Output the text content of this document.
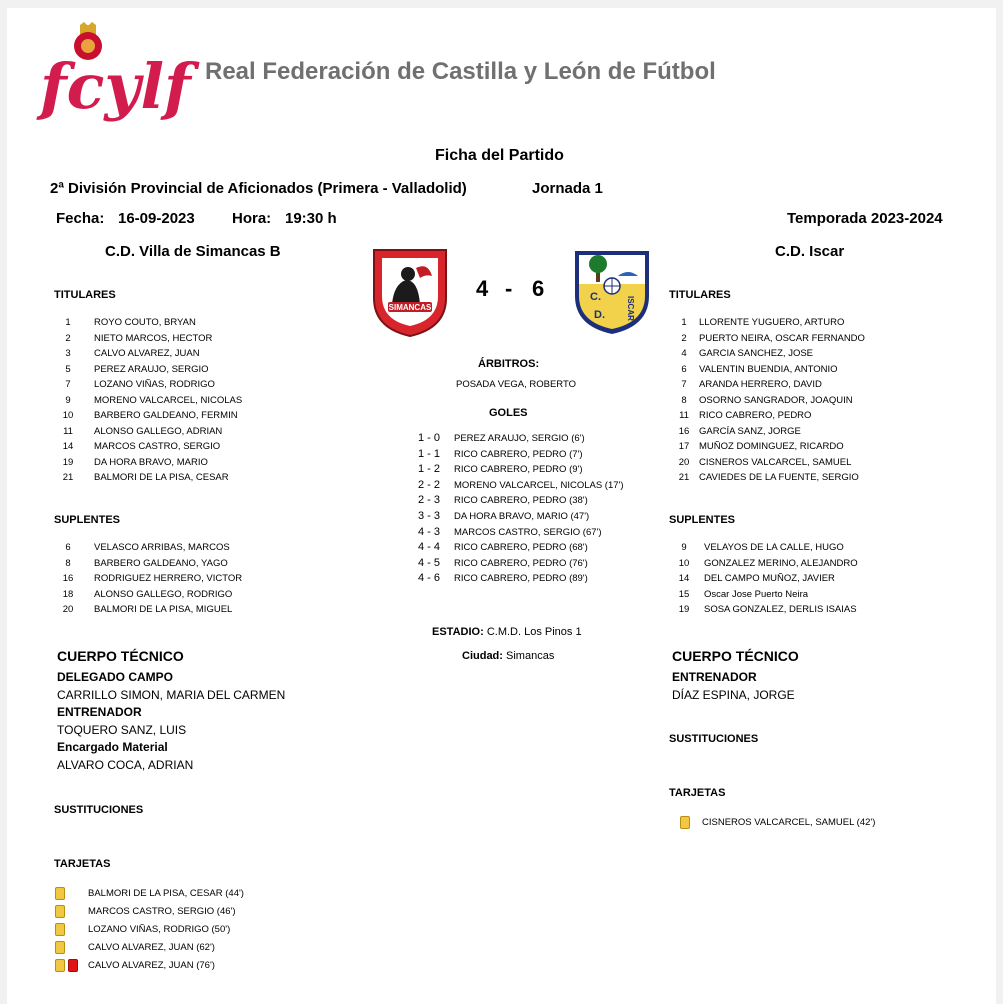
fcylf Real Federación de Castilla y León de Fútbol
Ficha del Partido
2ª División Provincial de Aficionados (Primera - Valladolid)	Jornada 1
Fecha: 16-09-2023 Hora: 19:30 h	Temporada 2023-2024
C.D. Villa de Simancas B	C.D. Iscar
SIMANCAS
4 - 6	C.
D.	ISCAR
TITULARES
1	ROYO COUTO, BRYAN
2	NIETO MARCOS, HECTOR
3	CALVO ALVAREZ, JUAN
5	PEREZ ARAUJO, SERGIO
7	LOZANO VIÑAS, RODRIGO
9	MORENO VALCARCEL, NICOLAS
10	BARBERO GALDEANO, FERMIN
11	ALONSO GALLEGO, ADRIAN
14	MARCOS CASTRO, SERGIO
19	DA HORA BRAVO, MARIO
21	BALMORI DE LA PISA, CESAR
SUPLENTES
6	VELASCO ARRIBAS, MARCOS
8	BARBERO GALDEANO, YAGO
16	RODRIGUEZ HERRERO, VICTOR
18	ALONSO GALLEGO, RODRIGO
20	BALMORI DE LA PISA, MIGUEL
TITULARES
1	LLORENTE YUGUERO, ARTURO
2	PUERTO NEIRA, OSCAR FERNANDO
4	GARCIA SANCHEZ, JOSE
6	VALENTIN BUENDIA, ANTONIO
7	ARANDA HERRERO, DAVID
8	OSORNO SANGRADOR, JOAQUIN
11	RICO CABRERO, PEDRO
16	GARCÍA SANZ, JORGE
17	MUÑOZ DOMINGUEZ, RICARDO
20	CISNEROS VALCARCEL, SAMUEL
21	CAVIEDES DE LA FUENTE, SERGIO
SUPLENTES
9	VELAYOS DE LA CALLE, HUGO
10	GONZALEZ MERINO, ALEJANDRO
14	DEL CAMPO MUÑOZ, JAVIER
15	Oscar Jose Puerto Neira
19	SOSA GONZALEZ, DERLIS ISAIAS
ÁRBITROS:
POSADA VEGA, ROBERTO
GOLES
1 - 0	PEREZ ARAUJO, SERGIO (6')
1 - 1	RICO CABRERO, PEDRO (7')
1 - 2	RICO CABRERO, PEDRO (9')
2 - 2	MORENO VALCARCEL, NICOLAS (17')
2 - 3	RICO CABRERO, PEDRO (38')
3 - 3	DA HORA BRAVO, MARIO (47')
4 - 3	MARCOS CASTRO, SERGIO (67')
4 - 4	RICO CABRERO, PEDRO (68')
4 - 5	RICO CABRERO, PEDRO (76')
4 - 6	RICO CABRERO, PEDRO (89')
ESTADIO: C.M.D. Los Pinos 1
Ciudad: Simancas
CUERPO TÉCNICO
DELEGADO CAMPO
CARRILLO SIMON, MARIA DEL CARMEN
ENTRENADOR
TOQUERO SANZ, LUIS
Encargado Material
ALVARO COCA, ADRIAN
CUERPO TÉCNICO
ENTRENADOR
DÍAZ ESPINA, JORGE
SUSTITUCIONES
SUSTITUCIONES
TARJETAS
CISNEROS VALCARCEL, SAMUEL (42')
TARJETAS
BALMORI DE LA PISA, CESAR (44')
MARCOS CASTRO, SERGIO (46')
LOZANO VIÑAS, RODRIGO (50')
CALVO ALVAREZ, JUAN (62')

CALVO ALVAREZ, JUAN (76')
